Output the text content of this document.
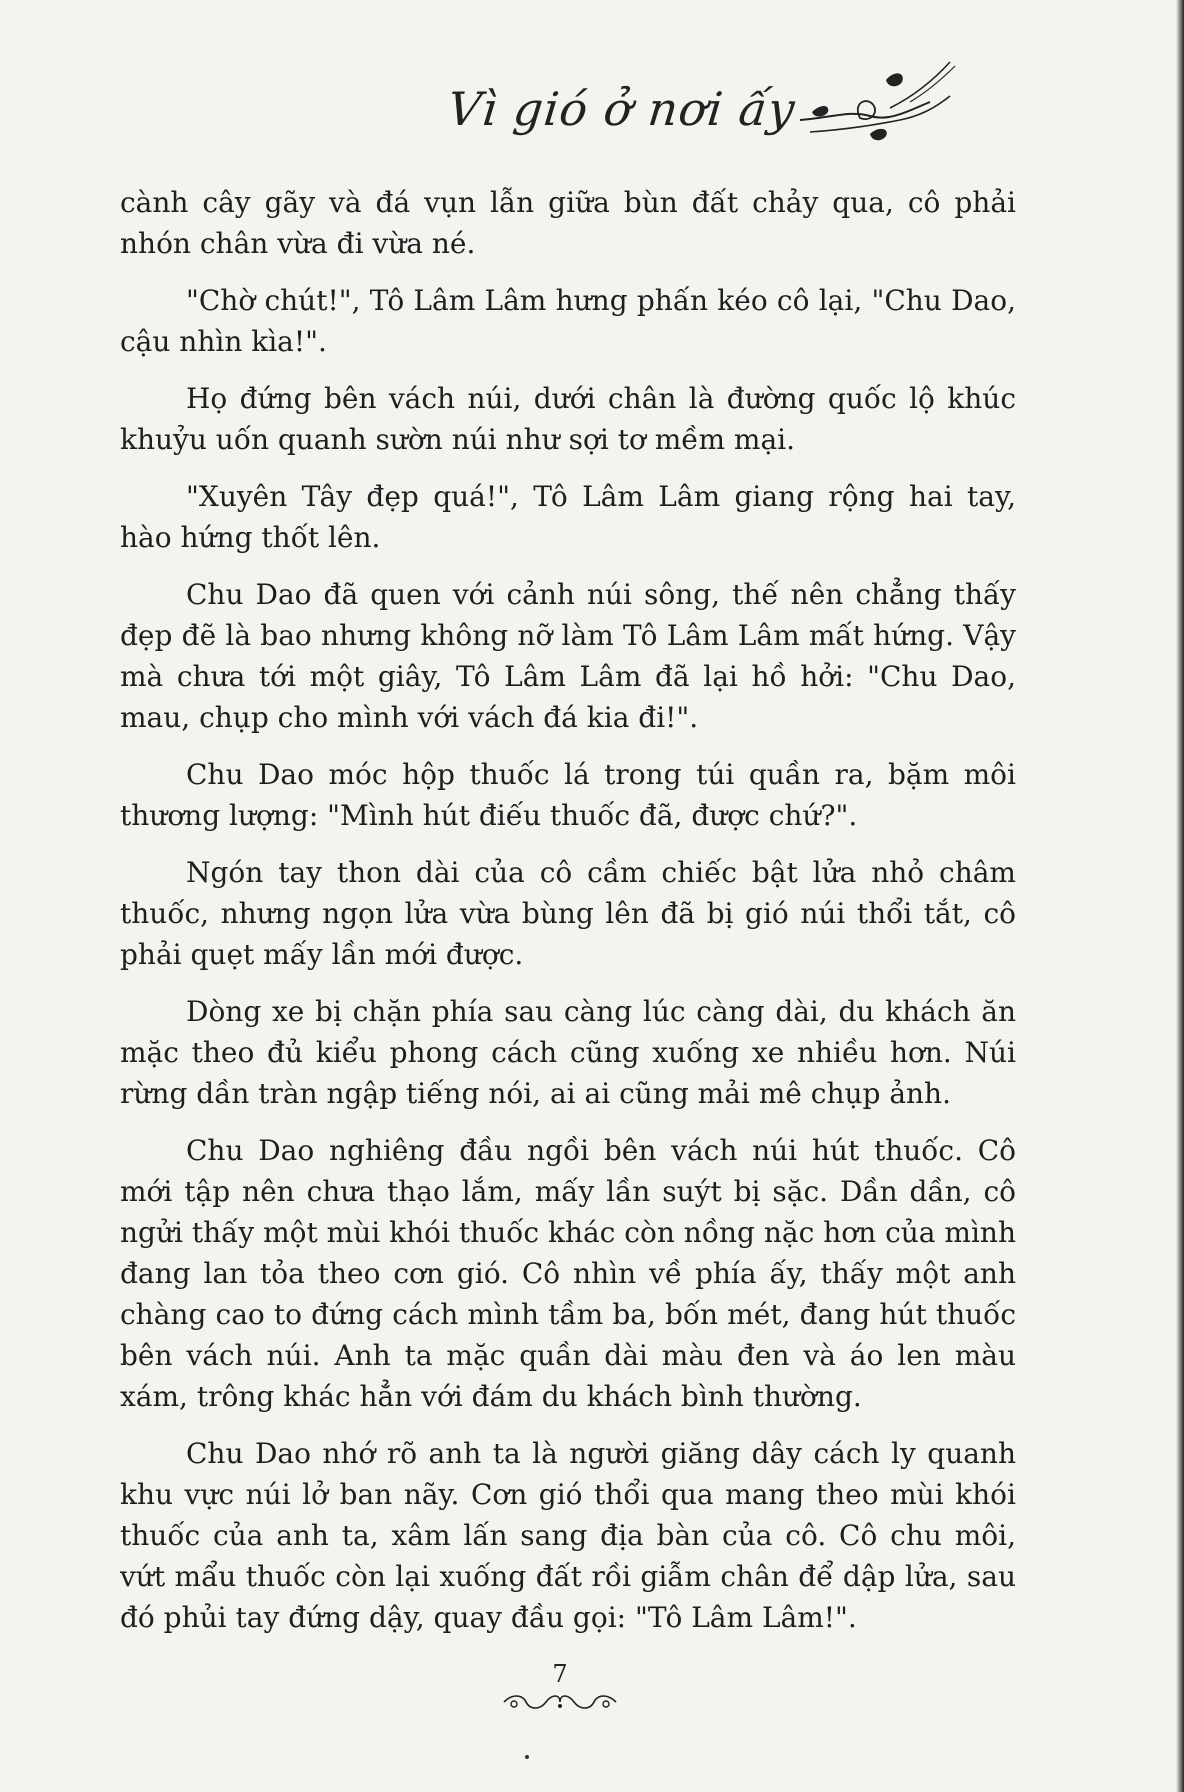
Vì gió ở nơi ấy

cành cây gãy và đá vụn lẫn giữa bùn đất chảy qua, cô phải nhón chân vừa đi vừa né.

"Chờ chút!", Tô Lâm Lâm hưng phấn kéo cô lại, "Chu Dao, cậu nhìn kìa!".

Họ đứng bên vách núi, dưới chân là đường quốc lộ khúc khuỷu uốn quanh sườn núi như sợi tơ mềm mại.

"Xuyên Tây đẹp quá!", Tô Lâm Lâm giang rộng hai tay, hào hứng thốt lên.

Chu Dao đã quen với cảnh núi sông, thế nên chẳng thấy đẹp đẽ là bao nhưng không nỡ làm Tô Lâm Lâm mất hứng. Vậy mà chưa tới một giây, Tô Lâm Lâm đã lại hồ hởi: "Chu Dao, mau, chụp cho mình với vách đá kia đi!".

Chu Dao móc hộp thuốc lá trong túi quần ra, bặm môi thương lượng: "Mình hút điếu thuốc đã, được chứ?".

Ngón tay thon dài của cô cầm chiếc bật lửa nhỏ châm thuốc, nhưng ngọn lửa vừa bùng lên đã bị gió núi thổi tắt, cô phải quẹt mấy lần mới được.

Dòng xe bị chặn phía sau càng lúc càng dài, du khách ăn mặc theo đủ kiểu phong cách cũng xuống xe nhiều hơn. Núi rừng dần tràn ngập tiếng nói, ai ai cũng mải mê chụp ảnh.

Chu Dao nghiêng đầu ngồi bên vách núi hút thuốc. Cô mới tập nên chưa thạo lắm, mấy lần suýt bị sặc. Dần dần, cô ngửi thấy một mùi khói thuốc khác còn nồng nặc hơn của mình đang lan tỏa theo cơn gió. Cô nhìn về phía ấy, thấy một anh chàng cao to đứng cách mình tầm ba, bốn mét, đang hút thuốc bên vách núi. Anh ta mặc quần dài màu đen và áo len màu xám, trông khác hẳn với đám du khách bình thường.

Chu Dao nhớ rõ anh ta là người giăng dây cách ly quanh khu vực núi lở ban nãy. Cơn gió thổi qua mang theo mùi khói thuốc của anh ta, xâm lấn sang địa bàn của cô. Cô chu môi, vứt mẩu thuốc còn lại xuống đất rồi giẫm chân để dập lửa, sau đó phủi tay đứng dậy, quay đầu gọi: "Tô Lâm Lâm!".

7
